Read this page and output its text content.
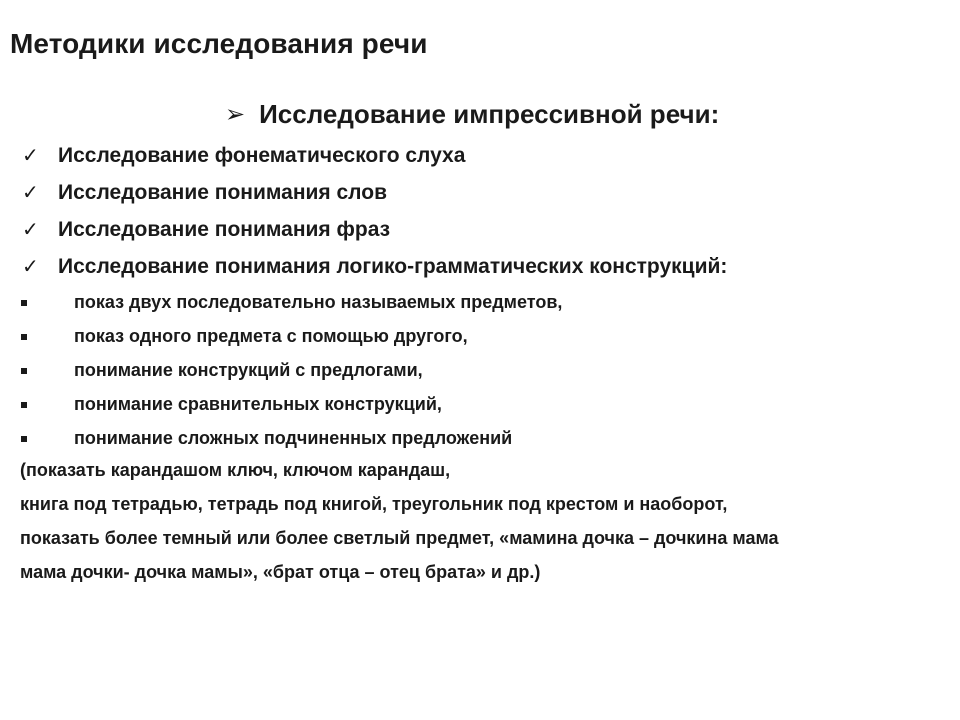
Методики исследования речи
➢ Исследование импрессивной речи:
✓ Исследование фонематического слуха
✓ Исследование понимания слов
✓ Исследование понимания фраз
✓ Исследование понимания логико-грамматических конструкций:
показ двух последовательно называемых предметов,
показ одного предмета с помощью другого,
понимание конструкций с предлогами,
понимание сравнительных конструкций,
понимание сложных подчиненных предложений
(показать карандашом ключ, ключом карандаш,
книга под тетрадью, тетрадь под книгой, треугольник под крестом и наоборот,
показать более темный или более светлый предмет, «мамина дочка – дочкина мама
мама дочки- дочка мамы», «брат отца – отец брата» и др.)
